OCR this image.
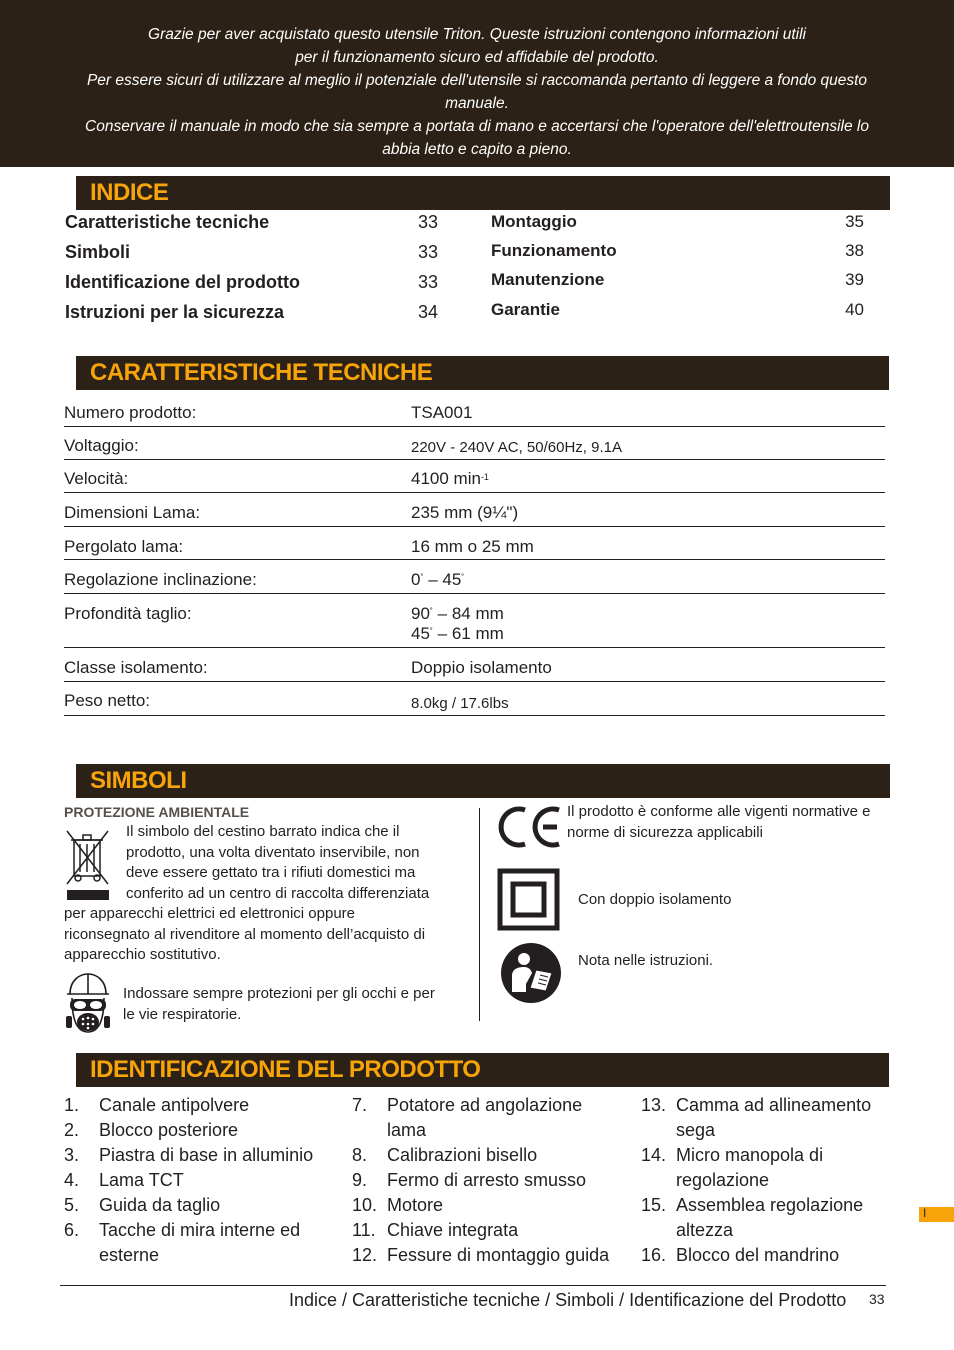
Grazie per aver acquistato questo utensile Triton. Queste istruzioni contengono informazioni utili

per il funzionamento sicuro ed affidabile del prodotto.

Per essere sicuri di utilizzare al meglio il potenziale dell'utensile si raccomanda pertanto di leggere a fondo questo

manuale.

Conservare il manuale in modo che sia sempre a portata di mano e accertarsi che l'operatore dell'elettroutensile lo

abbia letto e capito a pieno.

INDICE
Caratteristiche tecniche	33
Simboli	33
Identificazione del prodotto	33
Istruzioni per la sicurezza	34
Montaggio	35
Funzionamento	38
Manutenzione	39
Garantie	40
CARATTERISTICHE TECNICHE
Numero prodotto:	TSA001
Voltaggio:	220V - 240V AC, 50/60Hz, 9.1A
Velocità:	4100 $\min^{-1}$
Dimensioni Lama:	235 mm (9¼")
Pergolato lama:	16 mm o 25 mm
Regolazione inclinazione:	0˚ – 45˚
Profondità taglio:	90˚ – 84 mm
45˚ – 61 mm
Classe isolamento:	Doppio isolamento
Peso netto:	8.0kg / 17.6lbs
SIMBOLI
PROTEZIONE AMBIENTALE
Il simbolo del cestino barrato indica che il
prodotto, una volta diventato inservibile, non
deve essere gettato tra i rifiuti domestici ma
conferito ad un centro di raccolta differenziata
per apparecchi elettrici ed elettronici oppure
riconsegnato al rivenditore al momento dell’acquisto di
apparecchio sostitutivo.
Indossare sempre protezioni per gli occhi e per
le vie respiratorie.
Il prodotto è conforme alle vigenti normative e
norme di sicurezza applicabili
Con doppio isolamento
Nota nelle istruzioni.
IDENTIFICAZIONE DEL PRODOTTO
1. Canale antipolvere
2. Blocco posteriore
3. Piastra di base in alluminio
4. Lama TCT
5. Guida da taglio
6. Tacche di mira interne ed
esterne
7. Potatore ad angolazione
lama
8. Calibrazioni bisello
9. Fermo di arresto smusso
10. Motore
11. Chiave integrata
12. Fessure di montaggio guida
13. Camma ad allineamento
sega
14. Micro manopola di
regolazione
15. Assemblea regolazione
altezza
16. Blocco del mandrino
I
Indice / Caratteristiche tecniche / Simboli / Identificazione del Prodotto 33
